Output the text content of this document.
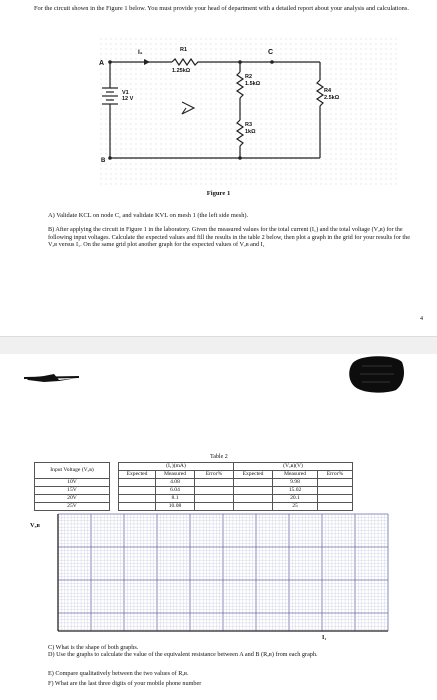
For the circuit shown in the Figure 1 below. You must provide your head of department with a detailed report about your analysis and calculations.
A
B
C
I₁
V1
12 V
R1
1.25kΩ
R2
1.5kΩ
R3
1kΩ
R4
2.5kΩ
Figure 1
A) Validate KCL on node C, and validate KVL on mesh 1 (the left side mesh).
B) After applying the circuit in Figure 1 in the laboratory. Given the measured values for the total current (I₁) and the total voltage (Vₐʙ) for the following input voltages. Calculate the expected values and fill the results in the table 2 below, then plot a graph in the grid for your results for the Vₐʙ versus I₁. On the same grid plot another graph for the expected values of Vₐʙ and I₁
4
Table 2
Input Voltage (Vₐʙ)		(I₁)(mA)			(Vₐʙ)(V)		
		Expected	Measured	Error%	Expected	Measured	Error%
10V			4.08			9.98	
15V			6.04			15.02	
20V			8.1			20.1	
25V			10.08			25	
Vₐʙ
I₁
C) What is the shape of both graphs.
D) Use the graphs to calculate the value of the equivalent resistance between A and B (Rₐʙ) from each graph.
E) Compare qualitatively between the two values of Rₐʙ.
F) What are the last three digits of your mobile phone number
